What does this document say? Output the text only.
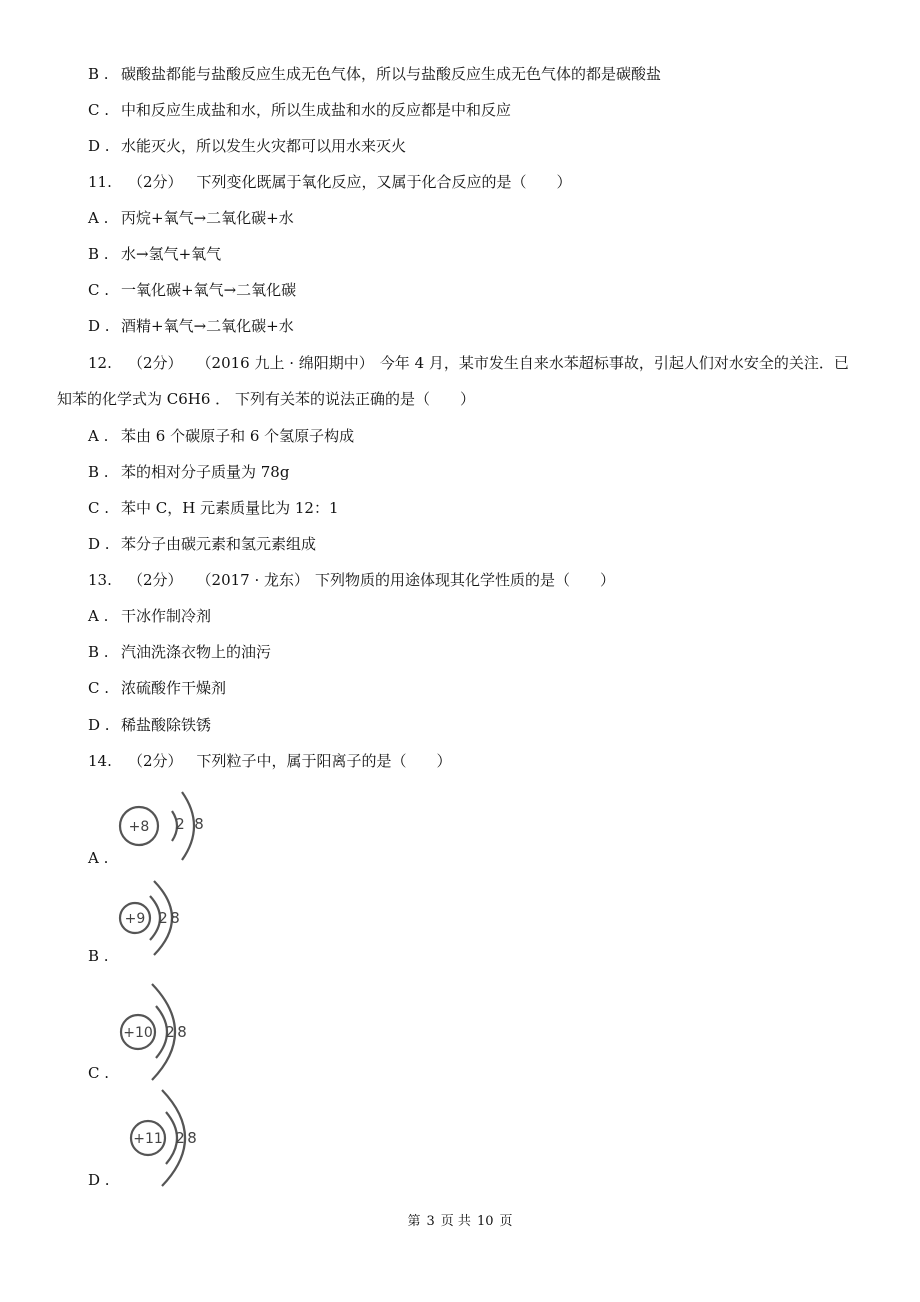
B . 碳酸盐都能与盐酸反应生成无色气体，所以与盐酸反应生成无色气体的都是碳酸盐
C . 中和反应生成盐和水，所以生成盐和水的反应都是中和反应
D . 水能灭火，所以发生火灾都可以用水来灭火
11. （2分） 下列变化既属于氧化反应，又属于化合反应的是（　　）
A . 丙烷+氧气→二氧化碳+水
B . 水→氢气+氧气
C . 一氧化碳+氧气→二氧化碳
D . 酒精+氧气→二氧化碳+水
12. （2分） （2016 九上 · 绵阳期中） 今年 4 月，某市发生自来水苯超标事故，引起人们对水安全的关注．已
知苯的化学式为 C6H6 ． 下列有关苯的说法正确的是（　　）
A . 苯由 6 个碳原子和 6 个氢原子构成
B . 苯的相对分子质量为 78g
C . 苯中 C，H 元素质量比为 12：1
D . 苯分子由碳元素和氢元素组成
13. （2分） （2017 · 龙东） 下列物质的用途体现其化学性质的是（　　）
A . 干冰作制冷剂
B . 汽油洗涤衣物上的油污
C . 浓硫酸作干燥剂
D . 稀盐酸除铁锈
14. （2分） 下列粒子中，属于阳离子的是（　　）
A .
+8 2 8
B .
+9 2 8
C .
+10 2 8
D .
+11 2 8
第 3 页 共 10 页
